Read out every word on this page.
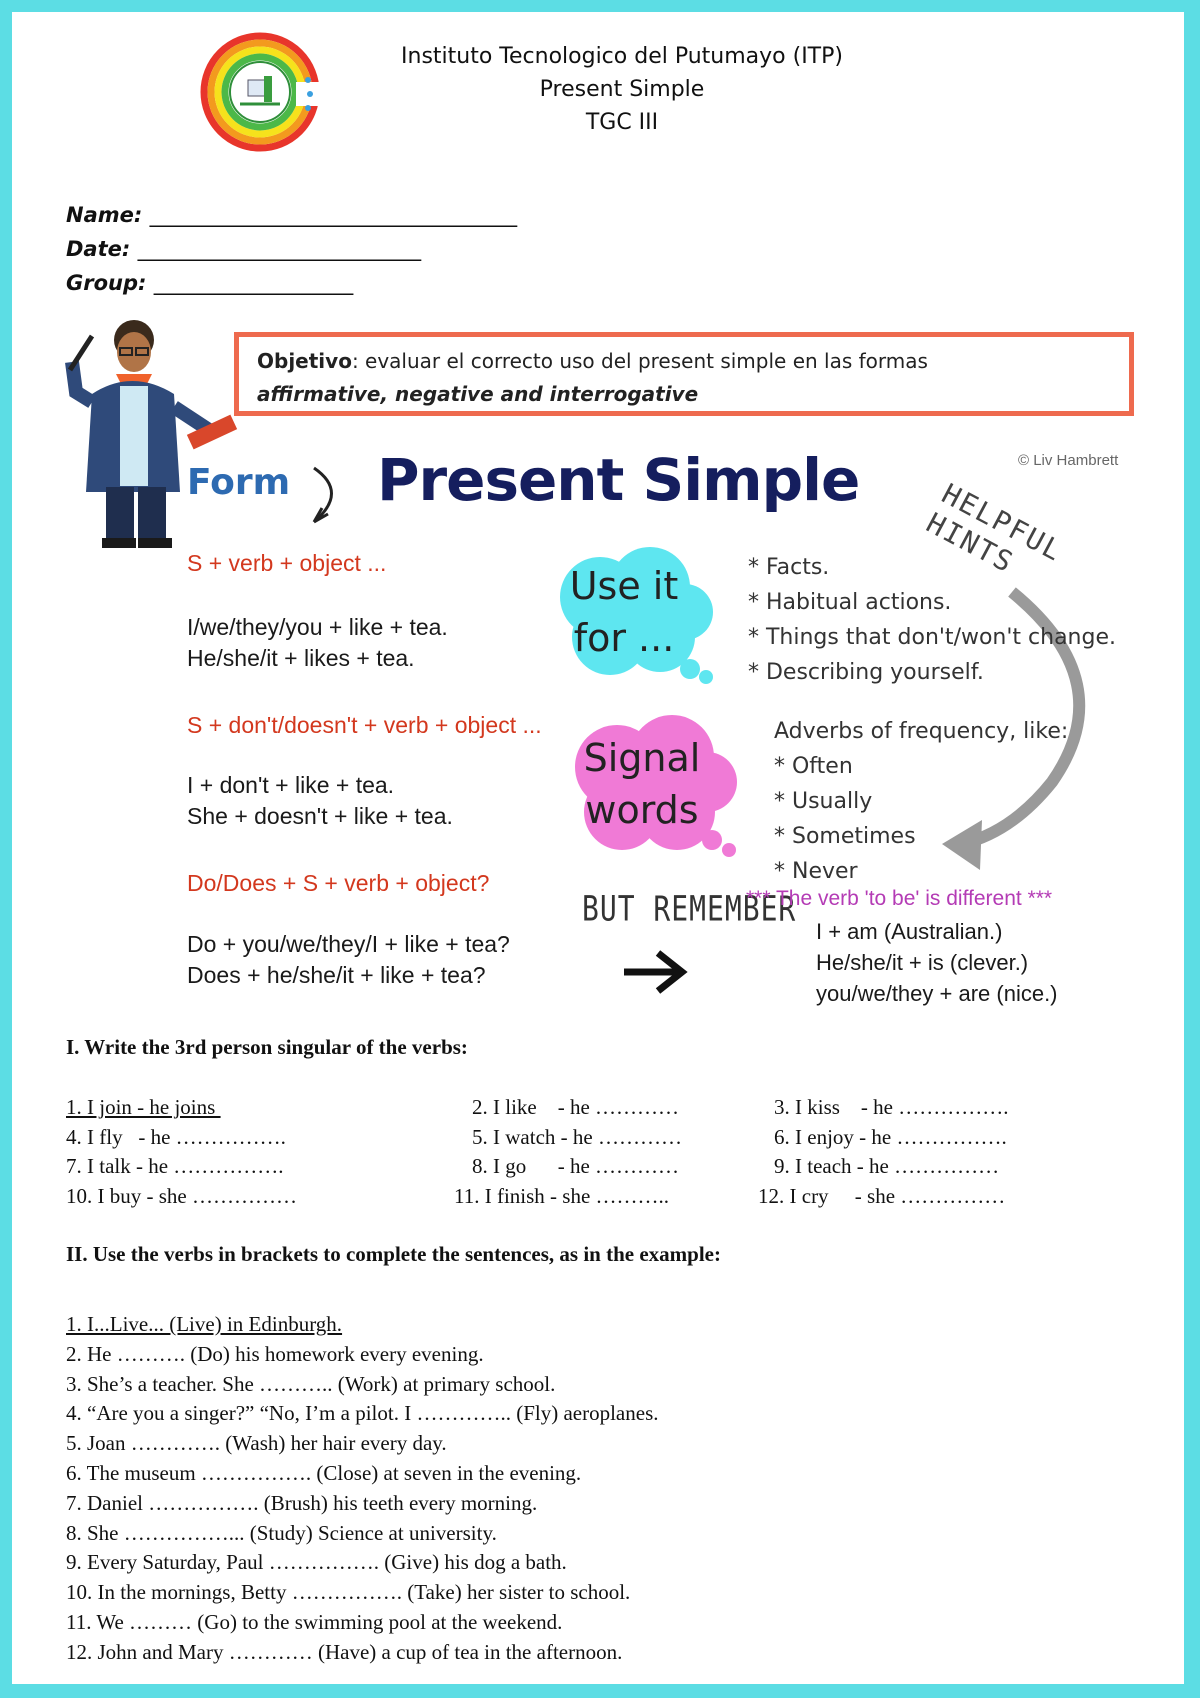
Instituto Tecnologico del Putumayo (ITP)
Present Simple
TGC III
Name: ___________________________________
Date: ___________________________
Group: ___________________
Objetivo: evaluar el correcto uso del present simple en las formas
affirmative, negative and interrogative
Form Present Simple	© Liv Hambrett
HELPFUL HINTS
S + verb + object ...
I/we/they/you + like + tea.
He/she/it + likes + tea.
S + don't/doesn't + verb + object ...
I + don't + like + tea.
She + doesn't + like + tea.
Do/Does + S + verb + object?
Do + you/we/they/I + like + tea?
Does + he/she/it + like + tea?
Use it
for ...
* Facts.
* Habitual actions.
* Things that don't/won't change.
* Describing yourself.
Signal
words
Adverbs of frequency, like:
* Often
* Usually
* Sometimes
* Never
BUT REMEMBER
*** The verb 'to be' is different ***
I + am (Australian.)
He/she/it + is (clever.)
you/we/they + are (nice.)
I. Write the 3rd person singular of the verbs:
1. I join - he joins	2. I like    - he …………	3. I kiss    - he …………….
4. I fly   - he …………….	5. I watch - he …………	6. I enjoy - he …………….
7. I talk - he …………….	8. I go      - he …………	9. I teach - he ……………
10. I buy - she ……………	11. I finish - she ………..	12. I cry     - she ……………
II. Use the verbs in brackets to complete the sentences, as in the example:
1. I...Live... (Live) in Edinburgh.
2. He ………. (Do) his homework every evening.
3. She’s a teacher. She ……….. (Work) at primary school.
4. “Are you a singer?” “No, I’m a pilot. I ………….. (Fly) aeroplanes.
5. Joan …………. (Wash) her hair every day.
6. The museum ……………. (Close) at seven in the evening.
7. Daniel ……………. (Brush) his teeth every morning.
8. She ……………... (Study) Science at university.
9. Every Saturday, Paul ……………. (Give) his dog a bath.
10. In the mornings, Betty ……………. (Take) her sister to school.
11. We ……… (Go) to the swimming pool at the weekend.
12. John and Mary ………… (Have) a cup of tea in the afternoon.
